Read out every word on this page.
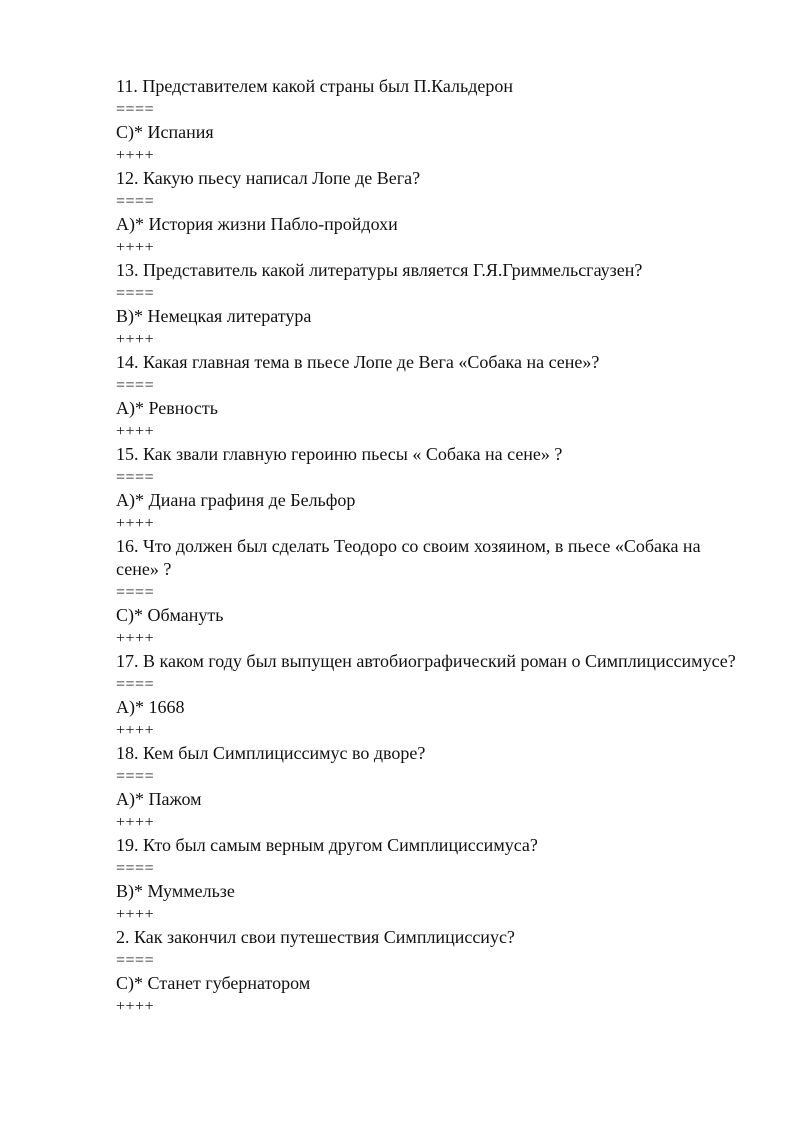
11. Представителем какой страны был П.Кальдерон
====
C)* Испания
++++
12. Какую пьесу написал Лопе де Вега?
====
A)* История жизни Пабло-пройдохи
++++
13. Представитель какой литературы является Г.Я.Гриммельсгаузен?
====
B)* Немецкая литература
++++
14. Какая главная тема в пьесе Лопе де Вега «Собака на сене»?
====
A)* Ревность
++++
15. Как звали главную героиню пьесы « Собака на сене» ?
====
A)* Диана графиня де Бельфор
++++
16. Что должен был сделать Теодоро со своим хозяином, в пьесе «Собака на сене» ?
====
C)* Обмануть
++++
17. В каком году был выпущен автобиографический роман о Симплициссимусе?
====
A)* 1668
++++
18. Кем был Симплициссимус во дворе?
====
A)* Пажом
++++
19. Кто был самым верным другом Симплициссимуса?
====
B)* Муммельзе
++++
2. Как закончил свои путешествия Симплициссиус?
====
C)* Станет губернатором
++++
